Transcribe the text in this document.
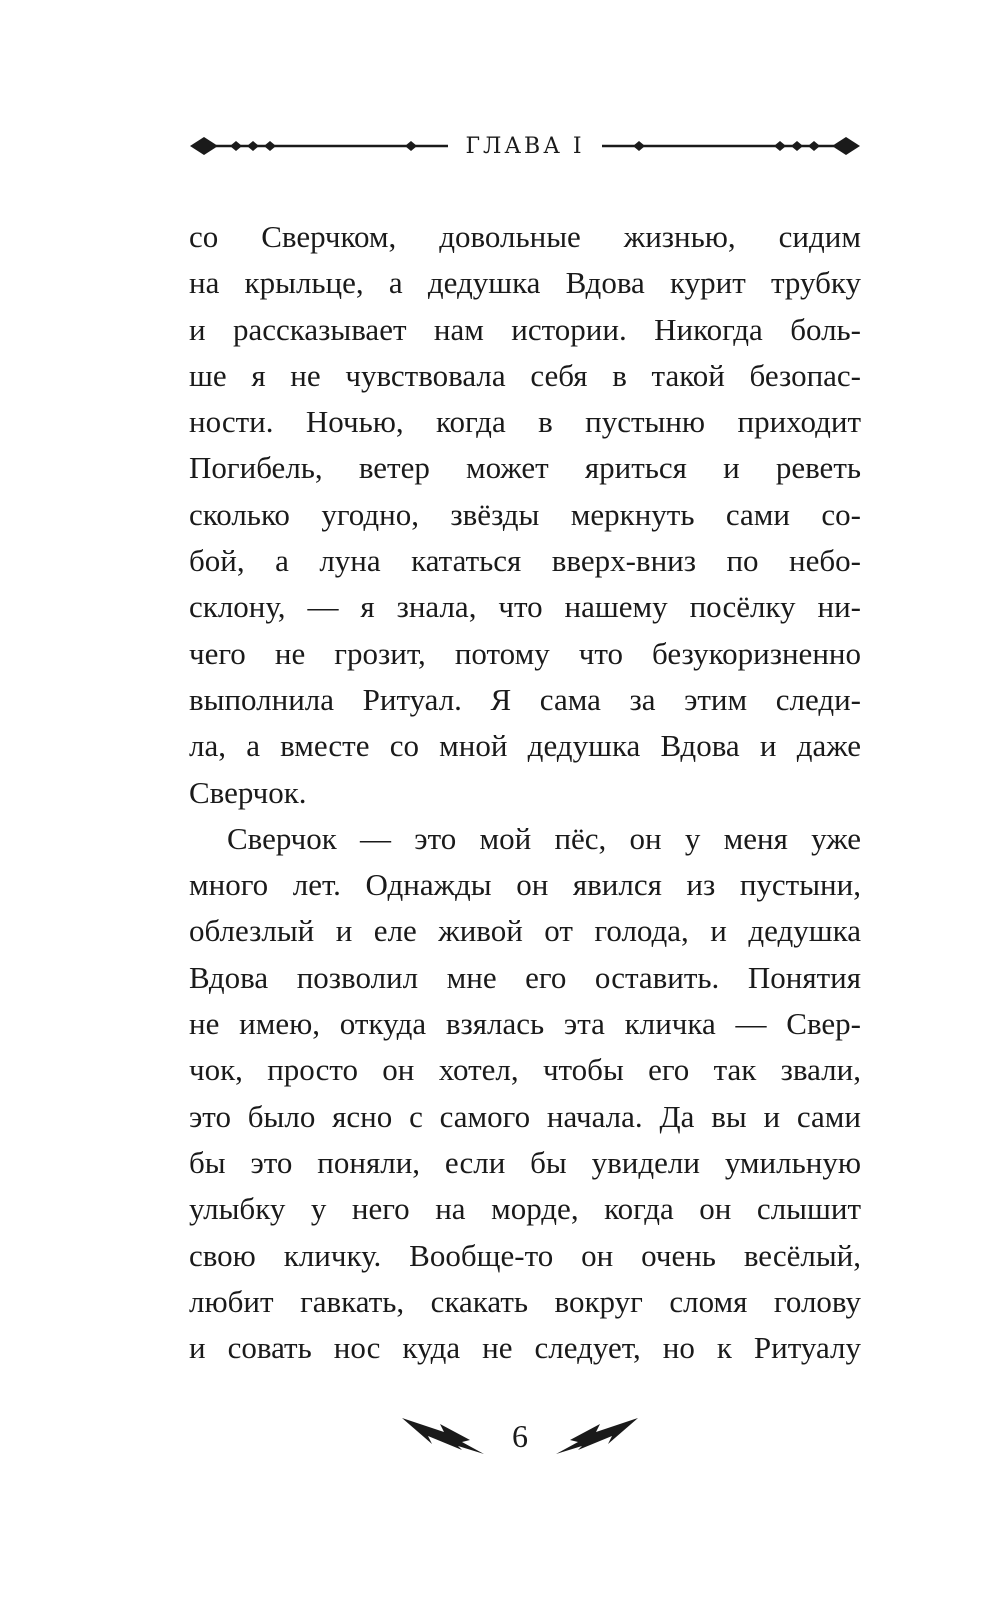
ГЛАВА I
со Сверчком, довольные жизнью, сидим
на крыльце, а дедушка Вдова курит трубку
и рассказывает нам истории. Никогда боль-
ше я не чувствовала себя в такой безопас-
ности. Ночью, когда в пустыню приходит
Погибель, ветер может яриться и реветь
сколько угодно, звёзды меркнуть сами со-
бой, а луна кататься вверх-вниз по небо-
склону, — я знала, что нашему посёлку ни-
чего не грозит, потому что безукоризненно
выполнила Ритуал. Я сама за этим следи-
ла, а вместе со мной дедушка Вдова и даже
Сверчок.
Сверчок — это мой пёс, он у меня уже
много лет. Однажды он явился из пустыни,
облезлый и еле живой от голода, и дедушка
Вдова позволил мне его оставить. Понятия
не имею, откуда взялась эта кличка — Свер-
чок, просто он хотел, чтобы его так звали,
это было ясно с самого начала. Да вы и сами
бы это поняли, если бы увидели умильную
улыбку у него на морде, когда он слышит
свою кличку. Вообще-то он очень весёлый,
любит гавкать, скакать вокруг сломя голову
и совать нос куда не следует, но к Ритуалу
6
